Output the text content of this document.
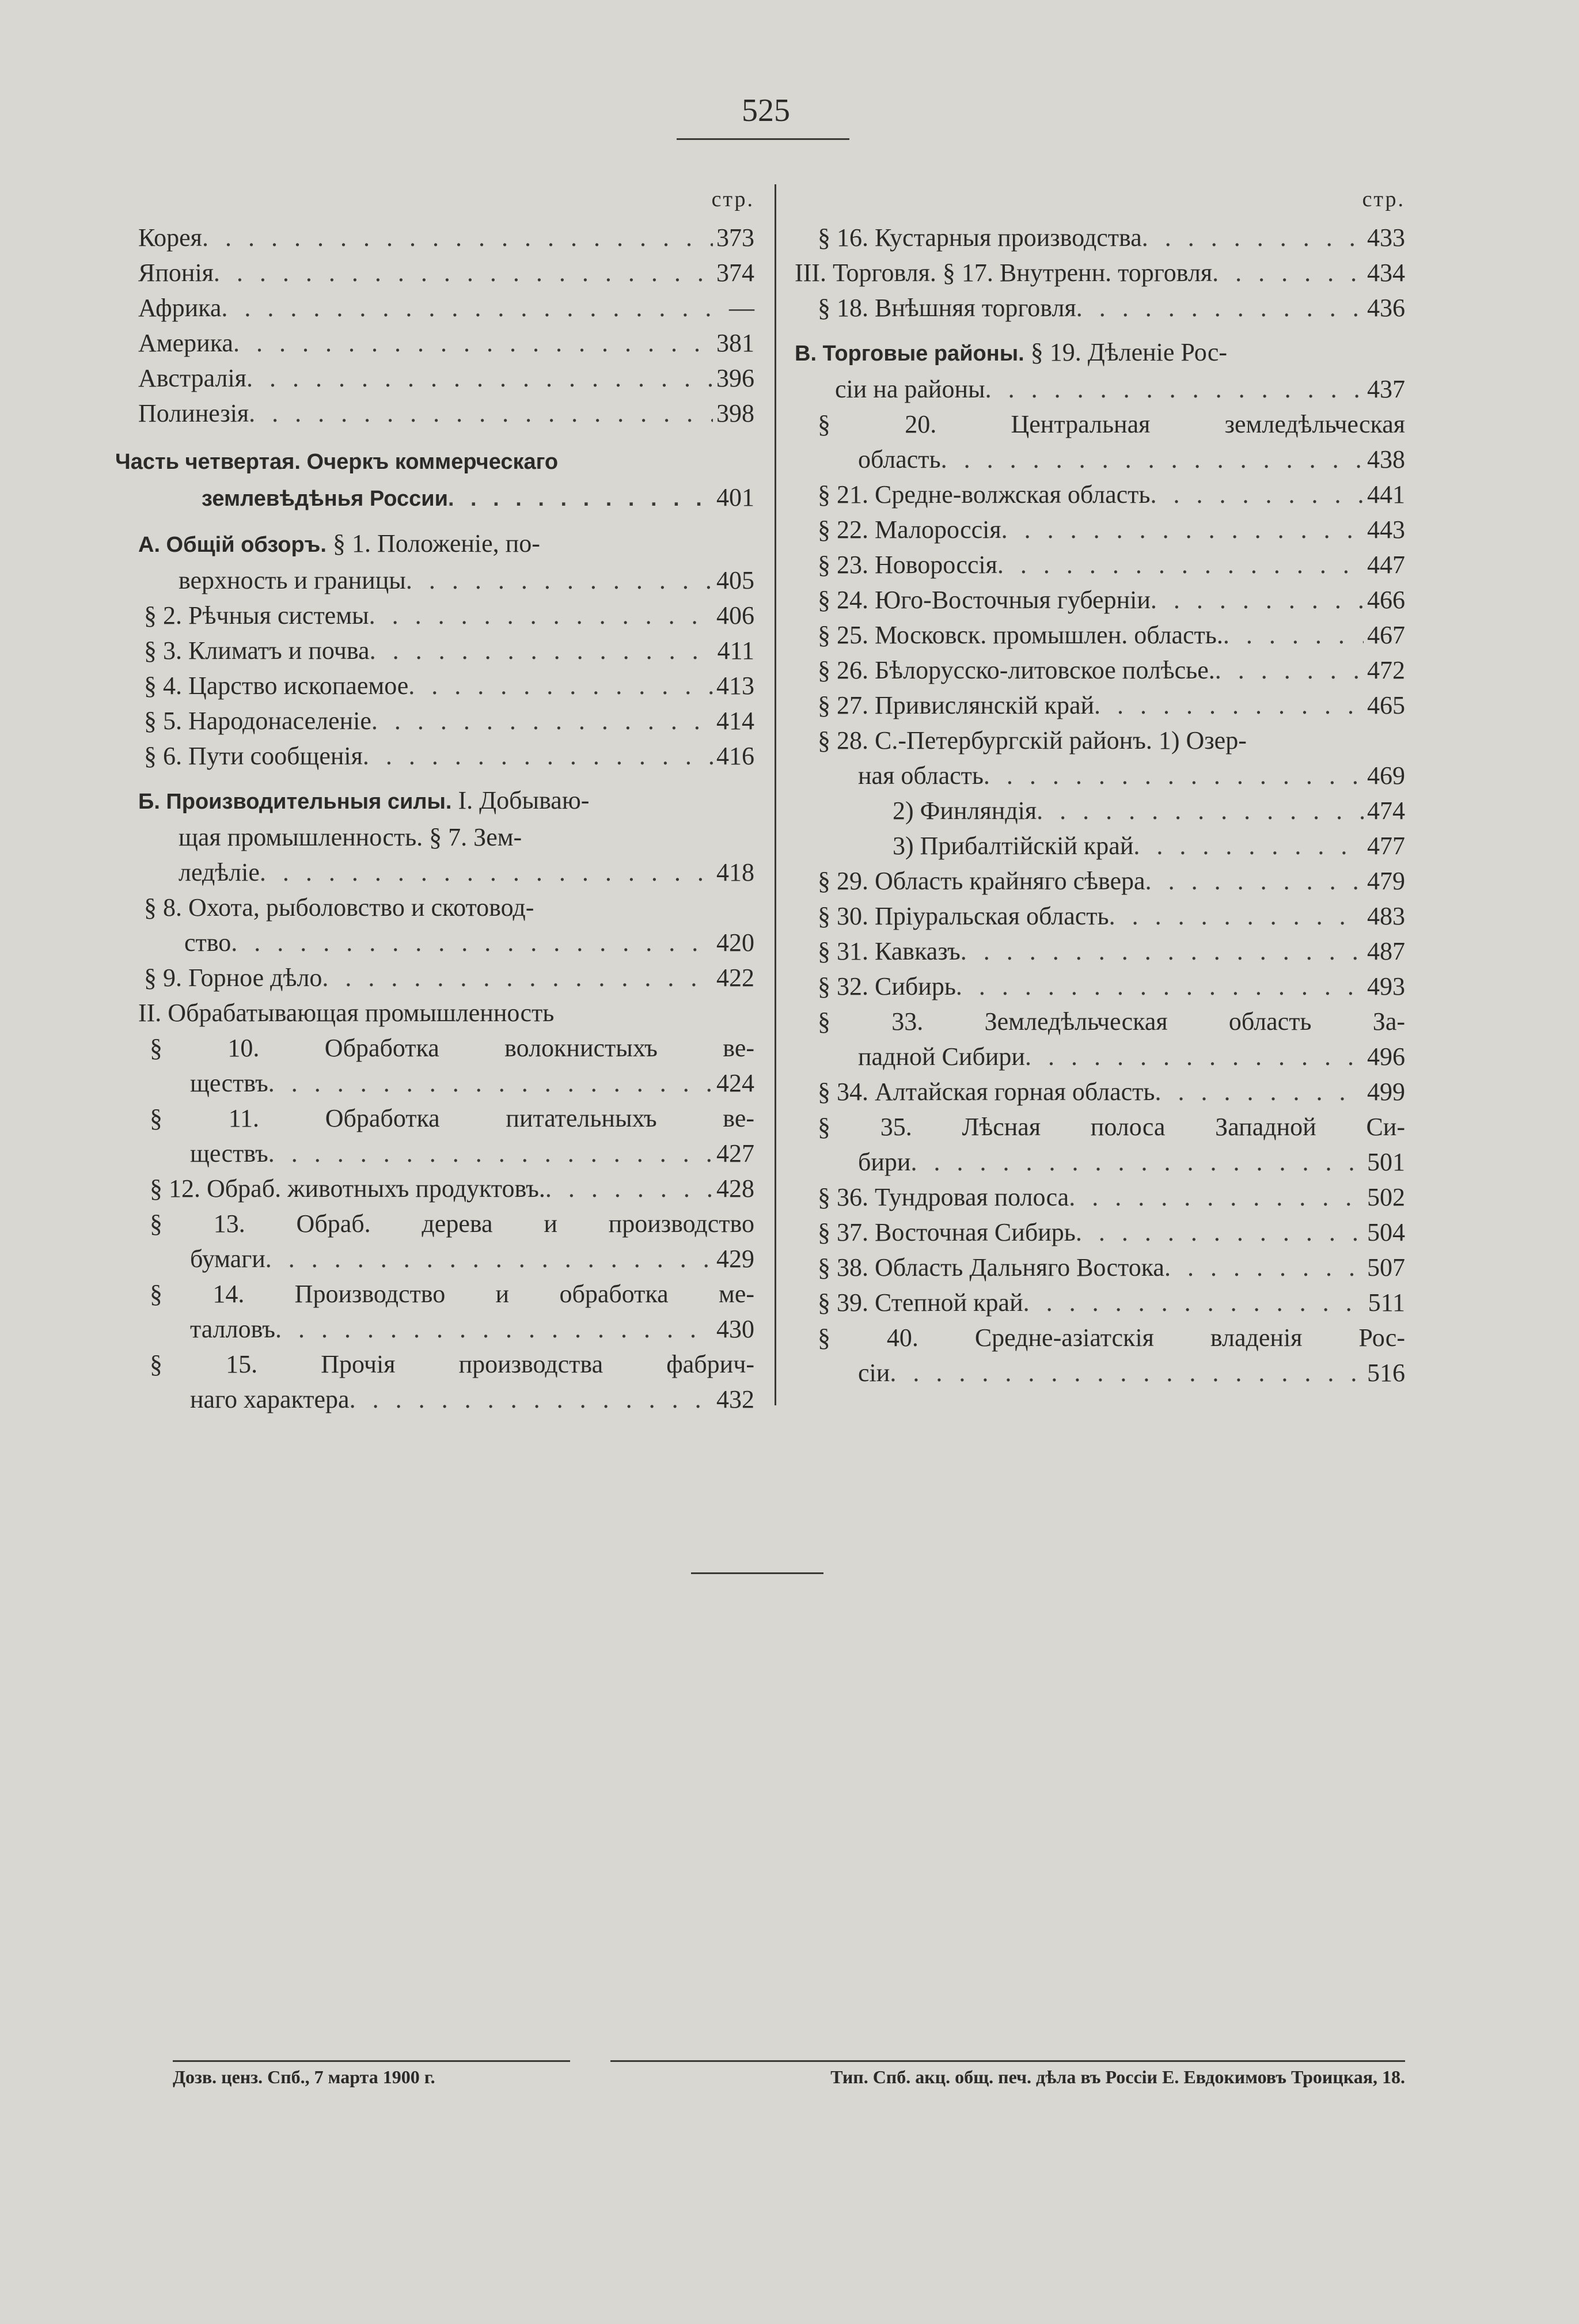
525
стр.
Корея . . .	373
Японія . . .	374
Африка . . .	—
Америка . . .	381
Австралія . . .	396
Полинезія . . .	398
Часть четвертая. Очеркъ коммерческаго
землевѣдѣнья России . . .	401
А. Общій обзоръ. § 1. Положеніе, по-
верхность и границы . . .	405
§ 2. Рѣчныя системы . . .	406
§ 3. Климатъ и почва . . .	411
§ 4. Царство ископаемое . . .	413
§ 5. Народонаселеніе . . .	414
§ 6. Пути сообщенія . . .	416
Б. Производительныя силы. І. Добываю-
щая промышленность. § 7. Зем-
ледѣліе . . .	418
§ 8. Охота, рыболовство и скотовод-
ство . . .	420
§ 9. Горное дѣло . . .	422
II. Обрабатывающая промышленность
§ 10. Обработка волокнистыхъ ве-
ществъ . . .	424
§ 11. Обработка питательныхъ ве-
ществъ . . .	427
§ 12. Обраб. животныхъ продуктовъ. . . .	428
§ 13. Обраб. дерева и производство
бумаги . . .	429
§ 14. Производство и обработка ме-
талловъ . . .	430
§ 15. Прочія производства фабрич-
наго характера . . .	432
стр.
§ 16. Кустарныя производства . . .	433
III. Торговля. § 17. Внутренн. торговля . . .	434
§ 18. Внѣшняя торговля . . .	436
В. Торговые районы. § 19. Дѣленіе Рос-
сіи на районы . . .	437
§ 20. Центральная земледѣльческая
область . . .	438
§ 21. Средне-волжская область . . .	441
§ 22. Малороссія . . .	443
§ 23. Новороссія . . .	447
§ 24. Юго-Восточныя губерніи . . .	466
§ 25. Московск. промышлен. область. . . .	467
§ 26. Бѣлорусско-литовское полѣсье. . . .	472
§ 27. Привислянскій край . . .	465
§ 28. С.-Петербургскій районъ. 1) Озер-
ная область . . .	469
2) Финляндія . . .	474
3) Прибалтійскій край . . .	477
§ 29. Область крайняго сѣвера . . .	479
§ 30. Пріуральская область . . .	483
§ 31. Кавказъ . . .	487
§ 32. Сибирь . . .	493
§ 33. Земледѣльческая область За-
падной Сибири . . .	496
§ 34. Алтайская горная область . . .	499
§ 35. Лѣсная полоса Западной Си-
бири . . .	501
§ 36. Тундровая полоса . . .	502
§ 37. Восточная Сибирь . . .	504
§ 38. Область Дальняго Востока . . .	507
§ 39. Степной край . . .	511
§ 40. Средне-азіатскія владенія Рос-
сіи . . .	516
Дозв. ценз. Спб., 7 марта 1900 г.	Тип. Спб. акц. общ. печ. дѣла въ Россіи Е. Евдокимовъ Троицкая, 18.
